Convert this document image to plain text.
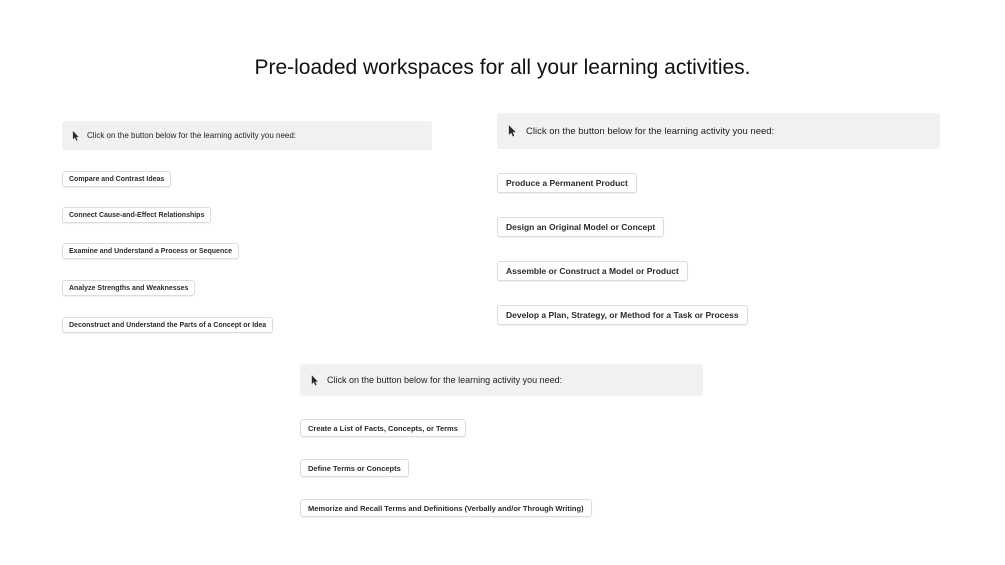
Pre-loaded workspaces for all your learning activities.
Click on the button below for the learning activity you need:
Compare and Contrast Ideas
Connect Cause-and-Effect Relationships
Examine and Understand a Process or Sequence
Analyze Strengths and Weaknesses
Deconstruct and Understand the Parts of a Concept or Idea
Click on the button below for the learning activity you need:
Produce a Permanent Product
Design an Original Model or Concept
Assemble or Construct a Model or Product
Develop a Plan, Strategy, or Method for a Task or Process
Click on the button below for the learning activity you need:
Create a List of Facts, Concepts, or Terms
Define Terms or Concepts
Memorize and Recall Terms and Definitions (Verbally and/or Through Writing)
